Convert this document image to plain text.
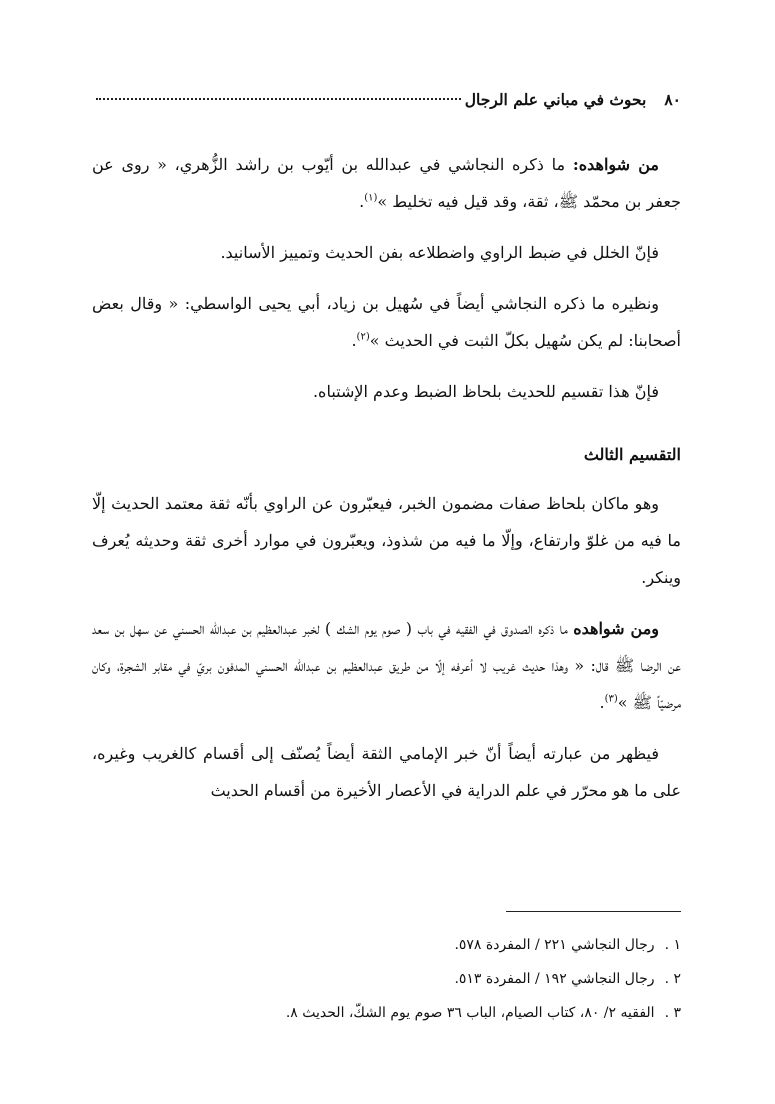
٨٠
بحوث في مباني علم الرجال

من شواهده: ما ذكره النجاشي في عبدالله بن أيّوب بن راشد الزُّهري، « روى عن جعفر بن محمّد ﷺ، ثقة، وقد قيل فيه تخليط »$^{(١)}$.

فإنّ الخلل في ضبط الراوي واضطلاعه بفن الحديث وتمييز الأسانيد.

ونظيره ما ذكره النجاشي أيضاً في سُهيل بن زياد، أبي يحيى الواسطي: « وقال بعض أصحابنا: لم يكن سُهيل بكلّ الثبت في الحديث »$^{(٢)}$.

فإنّ هذا تقسيم للحديث بلحاظ الضبط وعدم الإشتباه.

التقسيم الثالث

وهو ماكان بلحاظ صفات مضمون الخبر، فيعبّرون عن الراوي بأنّه ثقة معتمد الحديث إلّا ما فيه من غلوّ وارتفاع، وإلّا ما فيه من شذوذ، ويعبّرون في موارد أخرى ثقة وحديثه يُعرف وينكر.

ومن شواهده ما ذكره الصدوق في الفقيه في باب ( صوم يوم الشك ) لخبر عبدالعظيم بن عبدالله الحسني عن سهل بن سعد عن الرضا ﷺ قال: « وهذا حديث غريب لا أعرفه إلّا من طريق عبدالعظيم بن عبدالله الحسني المدفون بريّ في مقابر الشجرة، وكان مرضيّاً ﷺ »$^{(٣)}$.

فيظهر من عبارته أيضاً أنّ خبر الإمامي الثقة أيضاً يُصنّف إلى أقسام كالغريب وغيره، على ما هو محرّر في علم الدراية في الأعصار الأخيرة من أقسام الحديث

١ .رجال النجاشي ٢٢١ / المفردة ٥٧٨.
٢ .رجال النجاشي ١٩٢ / المفردة ٥١٣.
٣ .الفقيه ٢/ ٨٠، كتاب الصيام، الباب ٣٦ صوم يوم الشكّ، الحديث ٨.
